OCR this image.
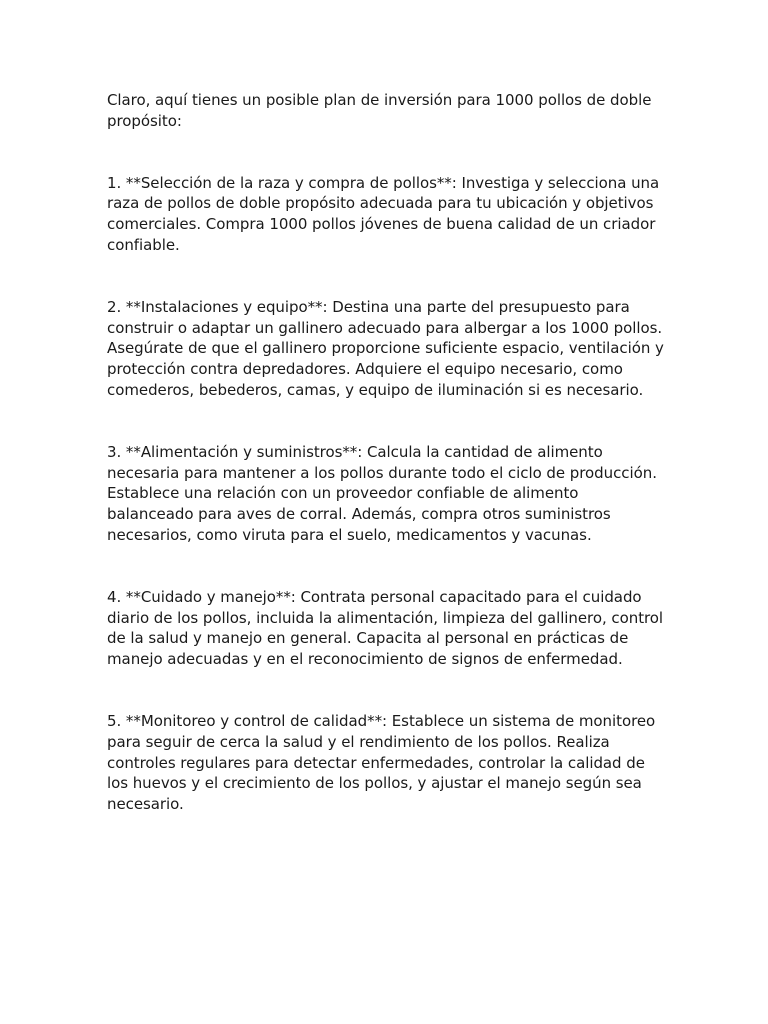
Claro, aquí tienes un posible plan de inversión para 1000 pollos de doble propósito:

1. **Selección de la raza y compra de pollos**: Investiga y selecciona una raza de pollos de doble propósito adecuada para tu ubicación y objetivos comerciales. Compra 1000 pollos jóvenes de buena calidad de un criador confiable.

2. **Instalaciones y equipo**: Destina una parte del presupuesto para construir o adaptar un gallinero adecuado para albergar a los 1000 pollos. Asegúrate de que el gallinero proporcione suficiente espacio, ventilación y protección contra depredadores. Adquiere el equipo necesario, como comederos, bebederos, camas, y equipo de iluminación si es necesario.

3. **Alimentación y suministros**: Calcula la cantidad de alimento necesaria para mantener a los pollos durante todo el ciclo de producción. Establece una relación con un proveedor confiable de alimento balanceado para aves de corral. Además, compra otros suministros necesarios, como viruta para el suelo, medicamentos y vacunas.

4. **Cuidado y manejo**: Contrata personal capacitado para el cuidado diario de los pollos, incluida la alimentación, limpieza del gallinero, control de la salud y manejo en general. Capacita al personal en prácticas de manejo adecuadas y en el reconocimiento de signos de enfermedad.

5. **Monitoreo y control de calidad**: Establece un sistema de monitoreo para seguir de cerca la salud y el rendimiento de los pollos. Realiza controles regulares para detectar enfermedades, controlar la calidad de los huevos y el crecimiento de los pollos, y ajustar el manejo según sea necesario.
